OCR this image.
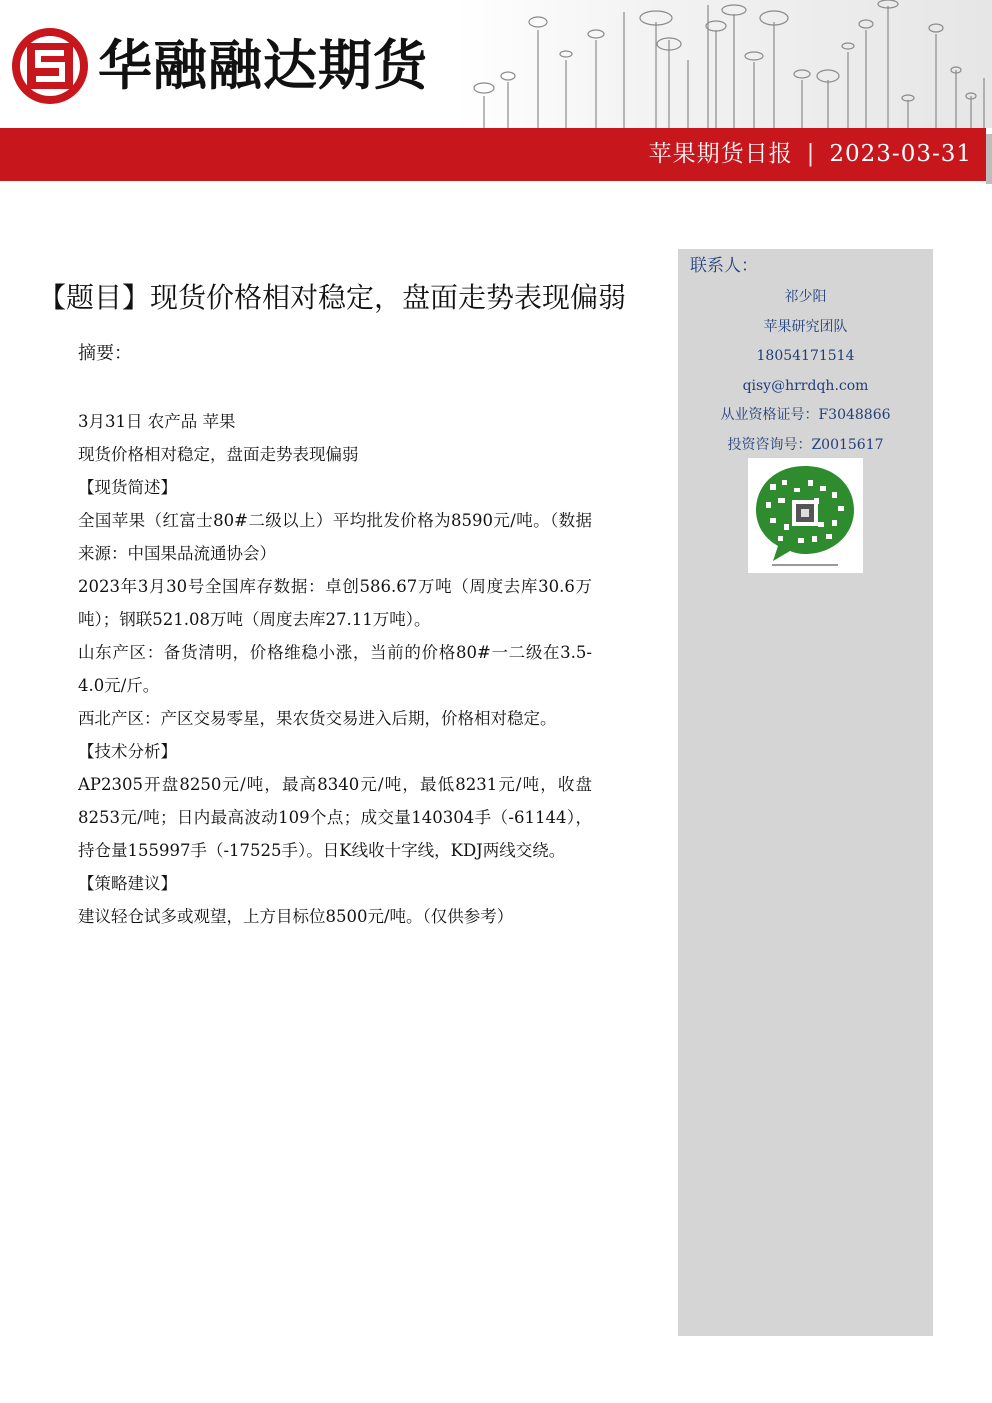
华融融达期货
苹果期货日报 | 2023-03-31
【题目】现货价格相对稳定，盘面走势表现偏弱
摘要：

3月31日 农产品 苹果

现货价格相对稳定，盘面走势表现偏弱

【现货简述】

全国苹果（红富士80#二级以上）平均批发价格为8590元/吨。（数据来源：中国果品流通协会）

2023年3月30号全国库存数据：卓创586.67万吨（周度去库30.6万吨）；钢联521.08万吨（周度去库27.11万吨）。

山东产区：备货清明，价格维稳小涨，当前的价格80#一二级在3.5-4.0元/斤。

西北产区：产区交易零星，果农货交易进入后期，价格相对稳定。

【技术分析】

AP2305开盘8250元/吨，最高8340元/吨，最低8231元/吨，收盘8253元/吨；日内最高波动109个点；成交量140304手（-61144），持仓量155997手（-17525手）。日K线收十字线，KDJ两线交绕。

【策略建议】

建议轻仓试多或观望，上方目标位8500元/吨。（仅供参考）

联系人：
祁少阳
苹果研究团队
18054171514
qisy@hrrdqh.com
从业资格证号：F3048866
投资咨询号：Z0015617
